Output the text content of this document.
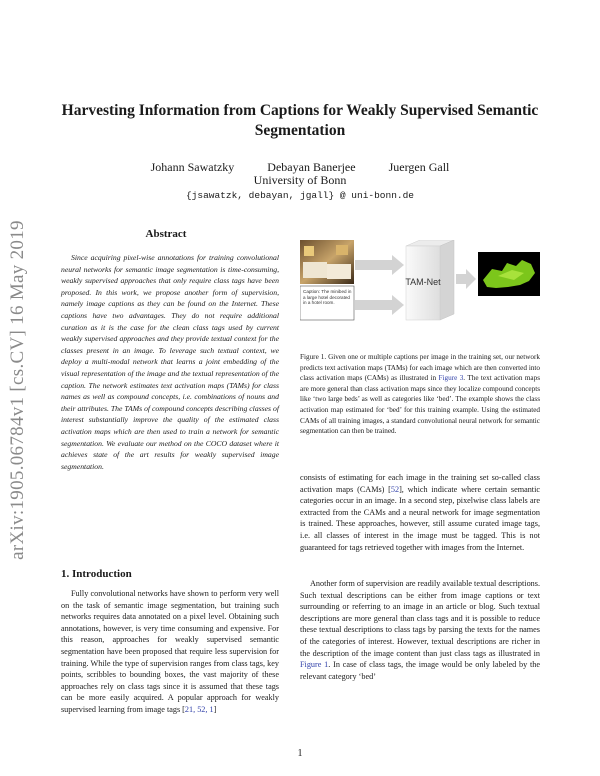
arXiv:1905.06784v1 [cs.CV] 16 May 2019
Harvesting Information from Captions for Weakly Supervised Semantic Segmentation
Johann Sawatzky	Debayan Banerjee	Juergen Gall
University of Bonn
{jsawatzk, debayan, jgall} @ uni-bonn.de
Abstract

Since acquiring pixel-wise annotations for training convolutional neural networks for semantic image segmentation is time-consuming, weakly supervised approaches that only require class tags have been proposed. In this work, we propose another form of supervision, namely image captions as they can be found on the Internet. These captions have two advantages. They do not require additional curation as it is the case for the clean class tags used by current weakly supervised approaches and they provide textual context for the classes present in an image. To leverage such textual context, we deploy a multi-modal network that learns a joint embedding of the visual representation of the image and the textual representation of the caption. The network estimates text activation maps (TAMs) for class names as well as compound concepts, i.e. combinations of nouns and their attributes. The TAMs of compound concepts describing classes of interest substantially improve the quality of the estimated class activation maps which are then used to train a network for semantic segmentation. We evaluate our method on the COCO dataset where it achieves state of the art results for weakly supervised image segmentation.

1. Introduction

Fully convolutional networks have shown to perform very well on the task of semantic image segmentation, but training such networks requires data annotated on a pixel level. Obtaining such annotations, however, is very time consuming and expensive. For this reason, approaches for weakly supervised semantic segmentation have been proposed that require less supervision for training. While the type of supervision ranges from class tags, key points, scribbles to bounding boxes, the vast majority of these approaches rely on class tags since it is assumed that these tags can be more easily acquired. A popular approach for weakly supervised learning from image tags [21, 52, 1]

Caption: The minibed in a large hotel decorated in a hotel room.
TAM-Net

Figure 1. Given one or multiple captions per image in the training set, our network predicts text activation maps (TAMs) for each image which are then converted into class activation maps (CAMs) as illustrated in Figure 3. The text activation maps are more general than class activation maps since they localize compound concepts like ‘two large beds’ as well as categories like ‘bed’. The example shows the class activation map estimated for ‘bed’ for this training example. Using the estimated CAMs of all training images, a standard convolutional neural network for semantic segmentation can then be trained.

consists of estimating for each image in the training set so-called class activation maps (CAMs) [52], which indicate where certain semantic categories occur in an image. In a second step, pixelwise class labels are extracted from the CAMs and a neural network for image segmentation is trained. These approaches, however, still assume curated image tags, i.e. all classes of interest in the image must be tagged. This is not guaranteed for tags retrieved together with images from the Internet.

Another form of supervision are readily available textual descriptions. Such textual descriptions can be either from image captions or text surrounding or referring to an image in an article or blog. Such textual descriptions are more general than class tags and it is possible to reduce these textual descriptions to class tags by parsing the texts for the names of the categories of interest. However, textual descriptions are richer in the description of the image content than just class tags as illustrated in Figure 1. In case of class tags, the image would be only labeled by the relevant category ‘bed’

1
